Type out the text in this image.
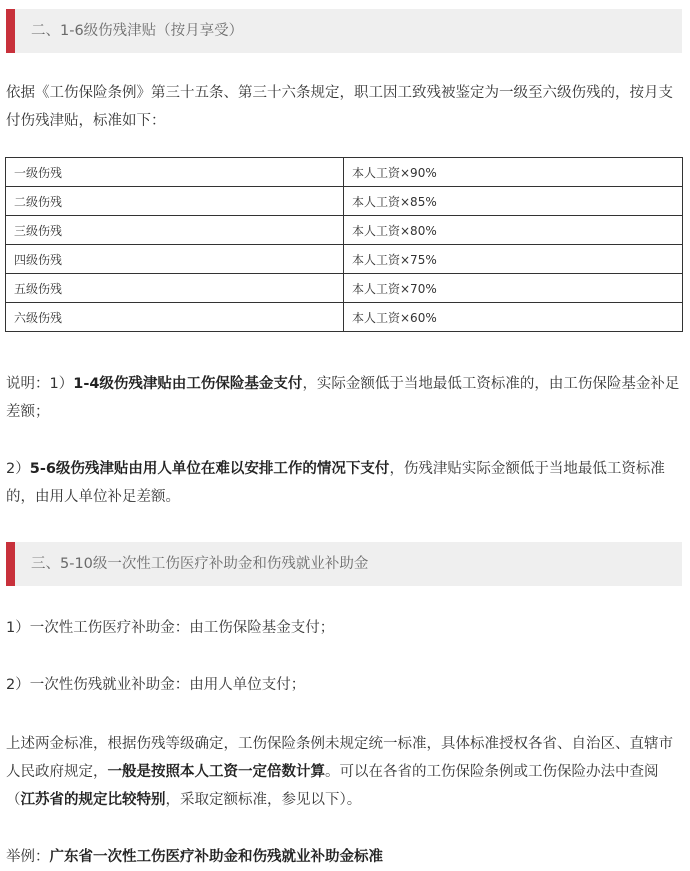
二、1-6级伤残津贴（按月享受）

依据《工伤保险条例》第三十五条、第三十六条规定，职工因工致残被鉴定为一级至六级伤残的，按月支付伤残津贴，标准如下：

一级伤残	本人工资×90%
二级伤残	本人工资×85%
三级伤残	本人工资×80%
四级伤残	本人工资×75%
五级伤残	本人工资×70%
六级伤残	本人工资×60%

说明：1）1-4级伤残津贴由工伤保险基金支付，实际金额低于当地最低工资标准的，由工伤保险基金补足差额；

2）5-6级伤残津贴由用人单位在难以安排工作的情况下支付，伤残津贴实际金额低于当地最低工资标准的，由用人单位补足差额。

三、5-10级一次性工伤医疗补助金和伤残就业补助金

1）一次性工伤医疗补助金：由工伤保险基金支付；

2）一次性伤残就业补助金：由用人单位支付；

上述两金标准，根据伤残等级确定，工伤保险条例未规定统一标准，具体标准授权各省、自治区、直辖市人民政府规定，一般是按照本人工资一定倍数计算。可以在各省的工伤保险条例或工伤保险办法中查阅（江苏省的规定比较特别，采取定额标准，参见以下）。

举例：广东省一次性工伤医疗补助金和伤残就业补助金标准
